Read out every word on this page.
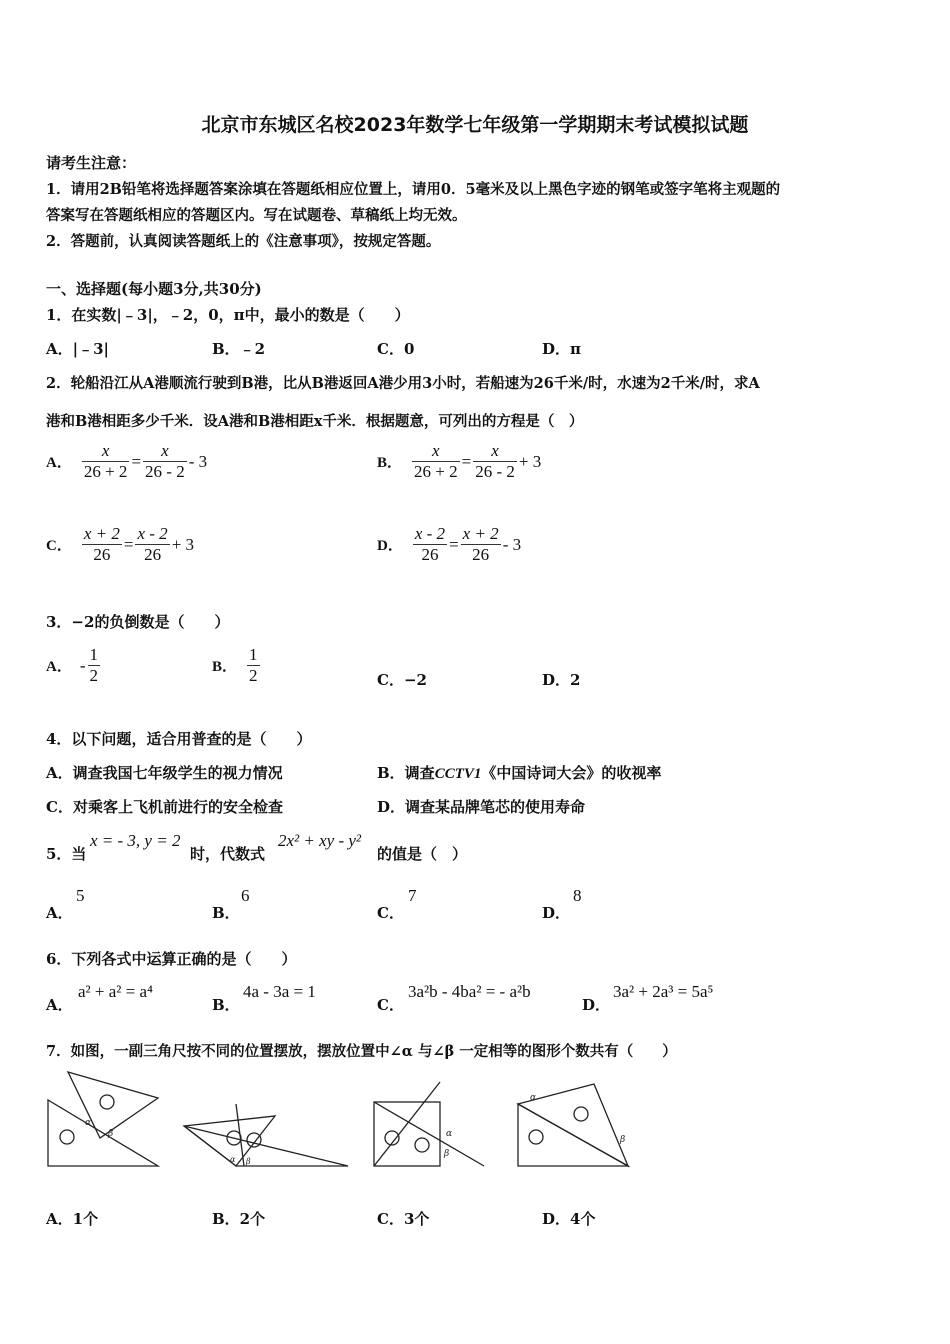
北京市东城区名校2023年数学七年级第一学期期末考试模拟试题
请考生注意：
1．请用2B铅笔将选择题答案涂填在答题纸相应位置上，请用0．5毫米及以上黑色字迹的钢笔或签字笔将主观题的
答案写在答题纸相应的答题区内。写在试题卷、草稿纸上均无效。
2．答题前，认真阅读答题纸上的《注意事项》，按规定答题。
一、选择题(每小题3分,共30分)
1．在实数|﹣3|，﹣2，0，π中，最小的数是（　　）
A．|﹣3|	B．﹣2	C．0	D．π
2．轮船沿江从A港顺流行驶到B港，比从B港返回A港少用3小时，若船速为26千米/时，水速为2千米/时，求A
港和B港相距多少千米．设A港和B港相距x千米．根据题意，可列出的方程是（　）
A． $\frac{x}{26 + 2} = \frac{x}{26 - 2} - 3$	B． $\frac{x}{26 + 2} = \frac{x}{26 - 2} + 3$
C． $\frac{x + 2}{26} = \frac{x - 2}{26} + 3$	D． $\frac{x - 2}{26} = \frac{x + 2}{26} - 3$
3．−2的负倒数是（　　）
A． - $\frac{1}{2}$	B． $\frac{1}{2}$	C．−2	D．2
4．以下问题，适合用普查的是（　　）
A．调查我国七年级学生的视力情况	B．调查CCTV1《中国诗词大会》的收视率
C．对乘客上飞机前进行的安全检查	D．调查某品牌笔芯的使用寿命
5．当
x = - 3, y = 2
时，代数式
2x² + xy - y²
的值是（　）
A．
5
B．
6
C．
7
D．
8
6．下列各式中运算正确的是（　　）
A．
a² + a² = a⁴
B．
4a - 3a = 1
C．
3a²b - 4ba² = - a²b
D．
3a² + 2a³ = 5a⁵
7．如图，一副三角尺按不同的位置摆放，摆放位置中∠α 与∠β 一定相等的图形个数共有（　　）
α
β
α β
α
β
α
β
A．1个	B．2个	C．3个	D．4个
